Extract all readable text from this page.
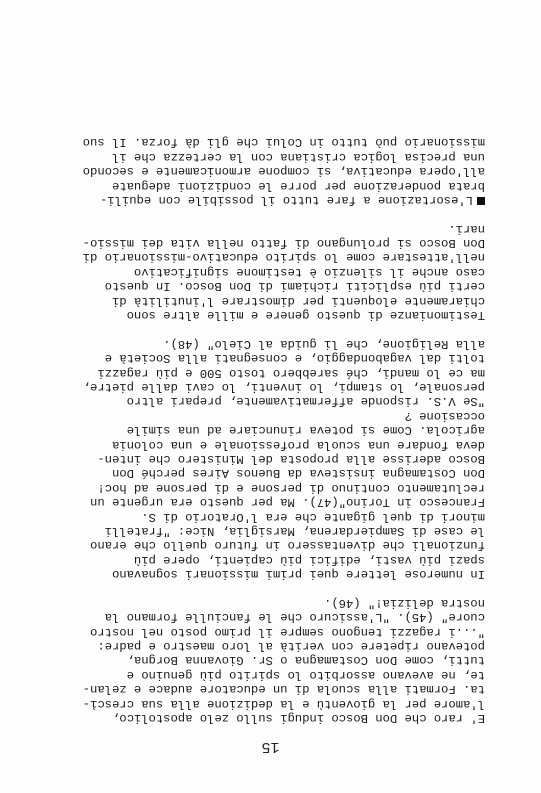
15
E' raro che Don Bosco indugi sullo zelo apostolico,
l'amore per la gioventù e la dedizione alla sua crescì-
ta. Formati alla scuola di un educatore audace e zelan-
te, ne avevano assorbito lo spirito più genuino e
tutti, come Don Costamagna o Sr. Giovanna Borgna,
potevano ripetere con verità al loro maestro e padre:
"...i ragazzi tengono sempre il primo posto nel nostro
cuore" (45). "L'assicuro che le fanciulle formano la
nostra delizia!" (46).
In numerose lettere quei primi missionari sognavano
spazi più vasti, edifici più capienti, opere più
funzionali che diventassero in futuro quello che erano
le case di Sampierdarena, Marsiglia, Nice: "fratelli
minori di quel gigante che era l'Oratorio di S.
Francesco in Torino"(47). Ma per questo era urgente un
reclutamento continuo di persone e di persone ad hoc!
Don Costamagna insisteva da Buenos Aires perché Don
Bosco aderisse alla proposta del Ministero che inten-
deva fondare una scuola professionale e una colonia
agricola. Come si poteva rinunciare ad una simile
occasione ?
"Se V.S. risponde affermativamente, prepari altro
personale, lo stampi, lo inventi, lo cavi dalle pietre,
ma ce lo mandi, ché sarebbero tosto 500 e più ragazzi
tolti dal vagabondaggio, e consegnati alla Società e
alla Religione, che li guida al Cielo" (48).
Testimonianze di questo genere e mille altre sono
chiaramente eloquenti per dimostrare l'inutilità di
certi più espliciti richiami di Don Bosco. In questo
caso anche il silenzio è testimone significativo
nell'attestare come lo spirito educativo-missionario di
Don Bosco si prolungano di fatto nella vita dei missio-
nari.
L'esortazione a fare tutto il possibile con equili-
brata ponderazione per porre le condizioni adeguate
all'opera educativa, si compone armonicamente e secondo
una precisa logica cristiana con la certezza che il
missionario può tutto in Colui che gli dà forza. Il suo
